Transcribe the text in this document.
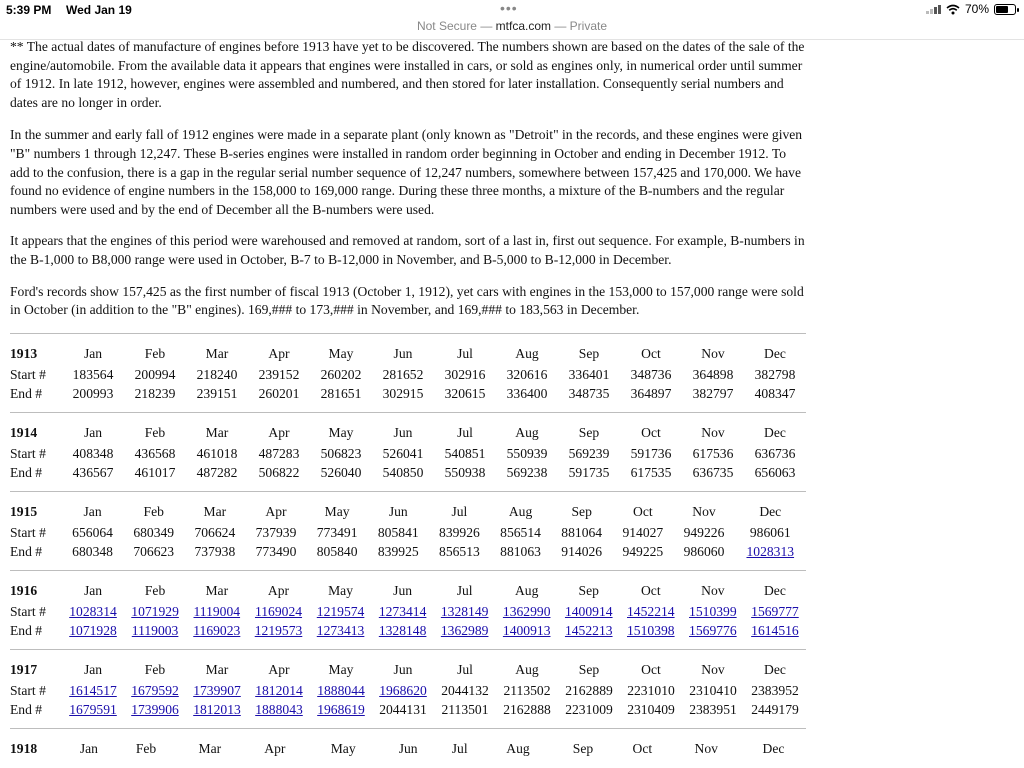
5:39 PM Wed Jan 19	•••	70%
Not Secure — mtfca.com — Private

** The actual dates of manufacture of engines before 1913 have yet to be discovered. The numbers shown are based on the dates of the sale of the engine/automobile. From the available data it appears that engines were installed in cars, or sold as engines only, in numerical order until summer of 1912. In late 1912, however, engines were assembled and numbered, and then stored for later installation. Consequently serial numbers and dates are no longer in order.

In the summer and early fall of 1912 engines were made in a separate plant (only known as "Detroit" in the records, and these engines were given "B" numbers 1 through 12,247. These B-series engines were installed in random order beginning in October and ending in December 1912. To add to the confusion, there is a gap in the regular serial number sequence of 12,247 numbers, somewhere between 157,425 and 170,000. We have found no evidence of engine numbers in the 158,000 to 169,000 range. During these three months, a mixture of the B-numbers and the regular numbers were used and by the end of December all the B-numbers were used.

It appears that the engines of this period were warehoused and removed at random, sort of a last in, first out sequence. For example, B-numbers in the B-1,000 to B8,000 range were used in October, B-7 to B-12,000 in November, and B-5,000 to B-12,000 in December.

Ford's records show 157,425 as the first number of fiscal 1913 (October 1, 1912), yet cars with engines in the 153,000 to 157,000 range were sold in October (in addition to the "B" engines). 169,### to 173,### in November, and 169,### to 183,563 in December.

1913	Jan	Feb	Mar	Apr	May	Jun	Jul	Aug	Sep	Oct	Nov	Dec
Start #	183564	200994	218240	239152	260202	281652	302916	320616	336401	348736	364898	382798
End #	200993	218239	239151	260201	281651	302915	320615	336400	348735	364897	382797	408347
1914	Jan	Feb	Mar	Apr	May	Jun	Jul	Aug	Sep	Oct	Nov	Dec
Start #	408348	436568	461018	487283	506823	526041	540851	550939	569239	591736	617536	636736
End #	436567	461017	487282	506822	526040	540850	550938	569238	591735	617535	636735	656063
1915	Jan	Feb	Mar	Apr	May	Jun	Jul	Aug	Sep	Oct	Nov	Dec
Start #	656064	680349	706624	737939	773491	805841	839926	856514	881064	914027	949226	986061
End #	680348	706623	737938	773490	805840	839925	856513	881063	914026	949225	986060	1028313
1916	Jan	Feb	Mar	Apr	May	Jun	Jul	Aug	Sep	Oct	Nov	Dec
Start #	1028314	1071929	1119004	1169024	1219574	1273414	1328149	1362990	1400914	1452214	1510399	1569777
End #	1071928	1119003	1169023	1219573	1273413	1328148	1362989	1400913	1452213	1510398	1569776	1614516
1917	Jan	Feb	Mar	Apr	May	Jun	Jul	Aug	Sep	Oct	Nov	Dec
Start #	1614517	1679592	1739907	1812014	1888044	1968620	2044132	2113502	2162889	2231010	2310410	2383952
End #	1679591	1739906	1812013	1888043	1968619	2044131	2113501	2162888	2231009	2310409	2383951	2449179
1918	Jan	Feb	Mar	Apr	May	Jun	Jul	Aug	Sep	Oct	Nov	Dec
